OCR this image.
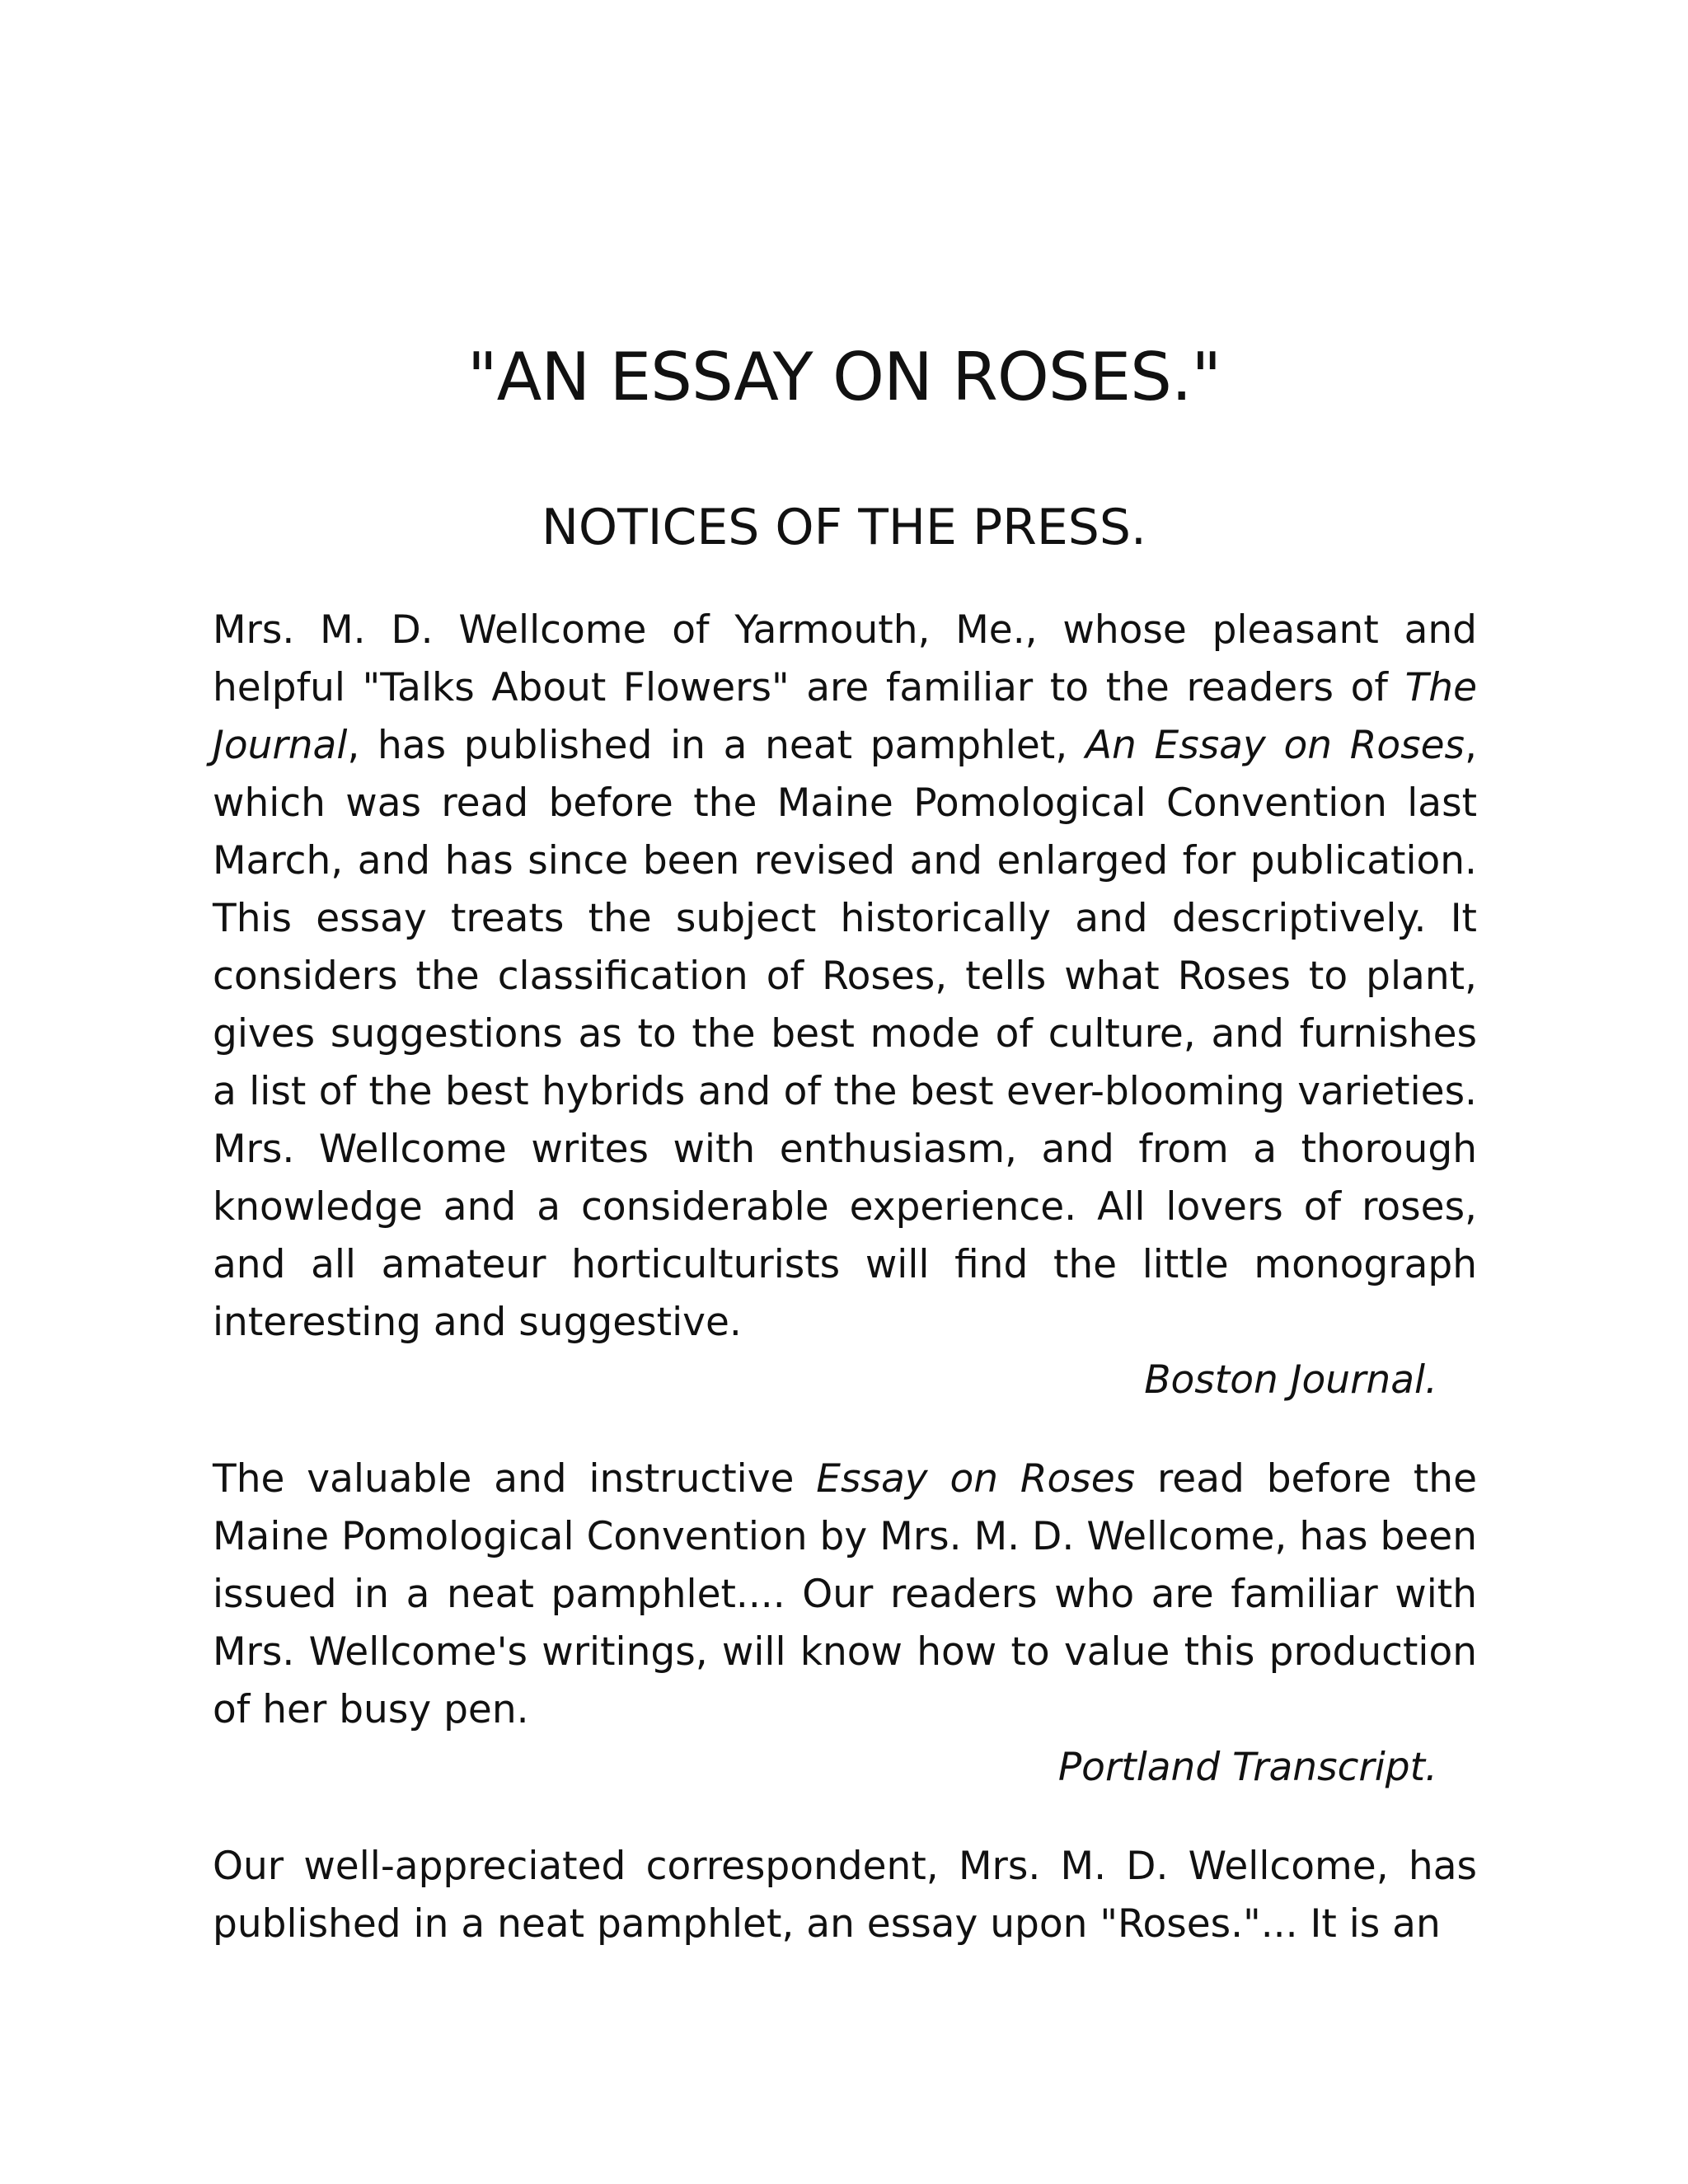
"AN ESSAY ON ROSES."
NOTICES OF THE PRESS.

Mrs. M. D. Wellcome of Yarmouth, Me., whose pleasant and helpful "Talks About Flowers" are familiar to the readers of The Journal, has published in a neat pamphlet, An Essay on Roses, which was read before the Maine Pomological Convention last March, and has since been revised and enlarged for publication. This essay treats the subject historically and descriptively. It considers the classification of Roses, tells what Roses to plant, gives suggestions as to the best mode of culture, and furnishes a list of the best hybrids and of the best ever-blooming varieties. Mrs. Wellcome writes with enthusiasm, and from a thorough knowledge and a considerable experience. All lovers of roses, and all amateur horticulturists will find the little monograph interesting and suggestive.

Boston Journal.

The valuable and instructive Essay on Roses read before the Maine Pomological Convention by Mrs. M. D. Wellcome, has been issued in a neat pamphlet.... Our readers who are familiar with Mrs. Wellcome's writings, will know how to value this production of her busy pen.

Portland Transcript.

Our well-appreciated correspondent, Mrs. M. D. Wellcome, has published in a neat pamphlet, an essay upon "Roses."... It is an
